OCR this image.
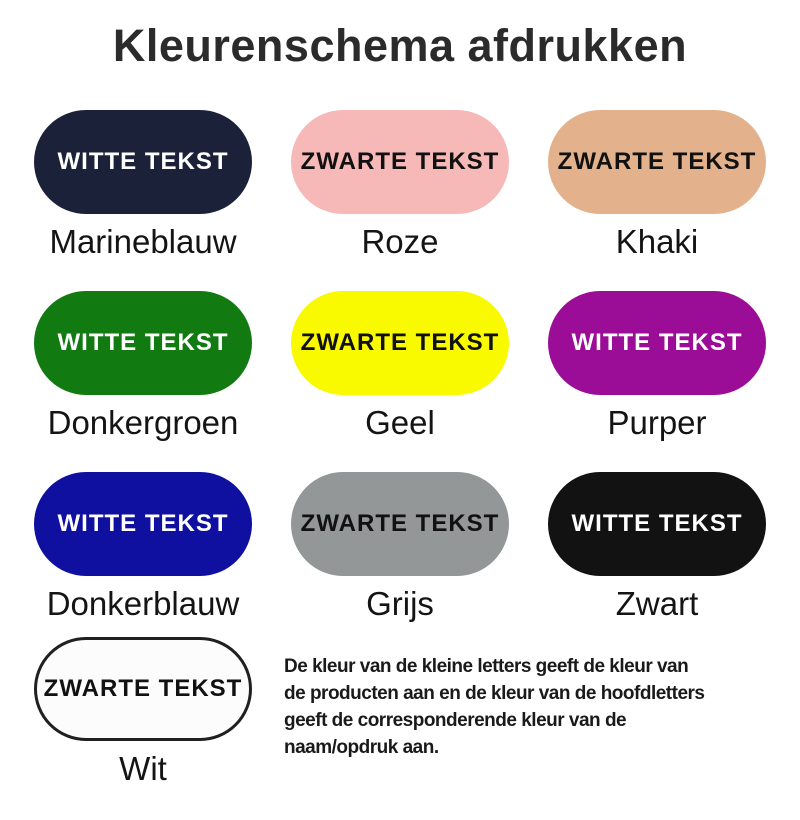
Kleurenschema afdrukken
WITTE TEKST
Marineblauw
ZWARTE TEKST
Roze
ZWARTE TEKST
Khaki
WITTE TEKST
Donkergroen
ZWARTE TEKST
Geel
WITTE TEKST
Purper
WITTE TEKST
Donkerblauw
ZWARTE TEKST
Grijs
WITTE TEKST
Zwart
ZWARTE TEKST
Wit
De kleur van de kleine letters geeft de kleur van
de producten aan en de kleur van de hoofdletters
geeft de corresponderende kleur van de
naam/opdruk aan.
